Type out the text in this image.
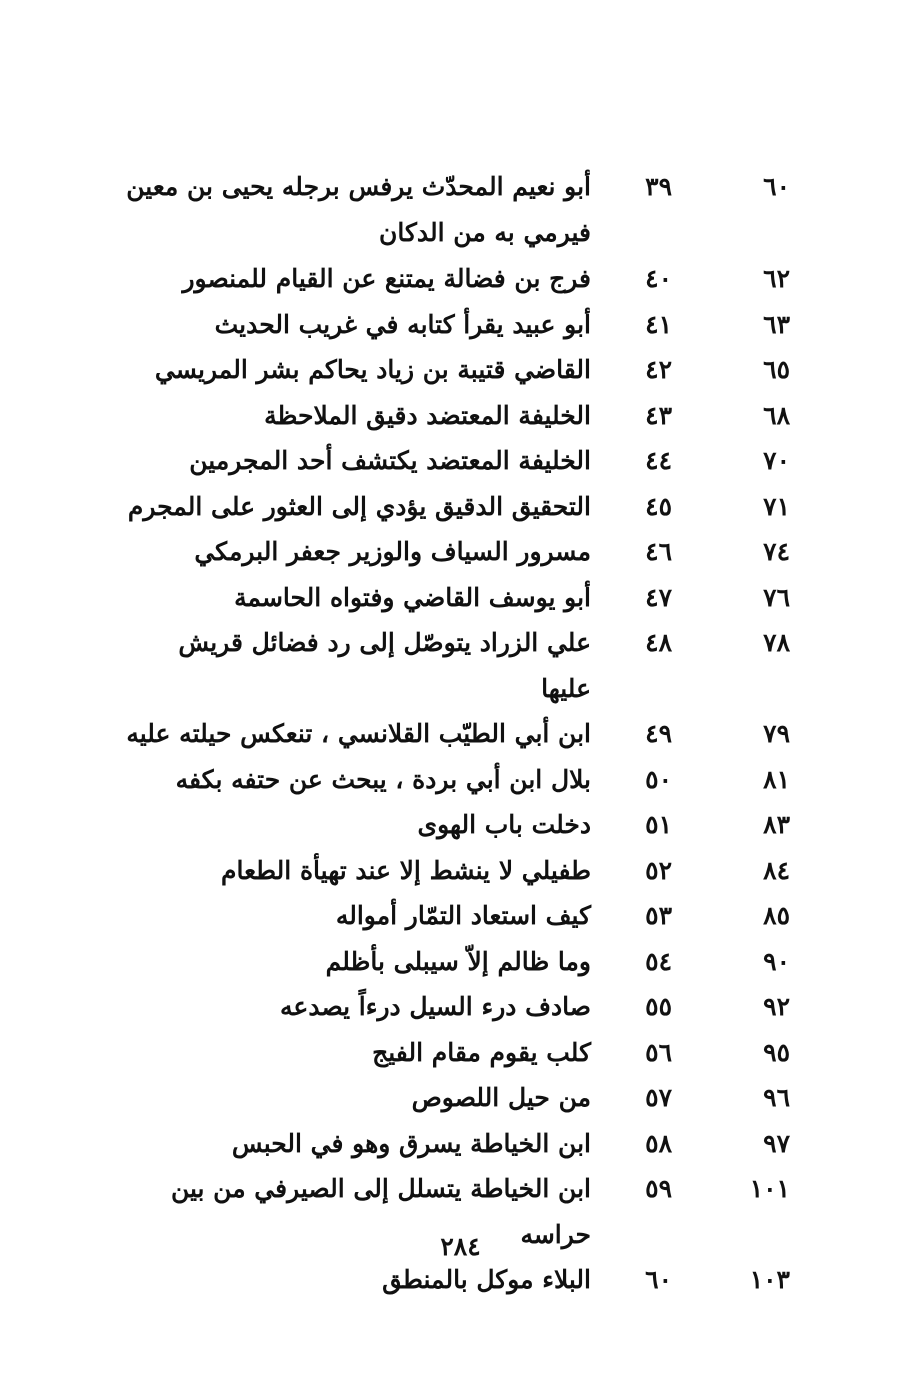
٦٠
٣٩
أبو نعيم المحدّث يرفس برجله يحيى بن معين فيرمي به من الدكان
٦٢
٤٠
فرج بن فضالة يمتنع عن القيام للمنصور
٦٣
٤١
أبو عبيد يقرأ كتابه في غريب الحديث
٦٥
٤٢
القاضي قتيبة بن زياد يحاكم بشر المريسي
٦٨
٤٣
الخليفة المعتضد دقيق الملاحظة
٧٠
٤٤
الخليفة المعتضد يكتشف أحد المجرمين
٧١
٤٥
التحقيق الدقيق يؤدي إلى العثور على المجرم
٧٤
٤٦
مسرور السياف والوزير جعفر البرمكي
٧٦
٤٧
أبو يوسف القاضي وفتواه الحاسمة
٧٨
٤٨
علي الزراد يتوصّل إلى رد فضائل قريش عليها
٧٩
٤٩
ابن أبي الطيّب القلانسي ، تنعكس حيلته عليه
٨١
٥٠
بلال ابن أبي بردة ، يبحث عن حتفه بكفه
٨٣
٥١
دخلت باب الهوى
٨٤
٥٢
طفيلي لا ينشط إلا عند تهيأة الطعام
٨٥
٥٣
كيف استعاد التمّار أمواله
٩٠
٥٤
وما ظالم إلاّ سيبلى بأظلم
٩٢
٥٥
صادف درء السيل درءاً يصدعه
٩٥
٥٦
كلب يقوم مقام الفيج
٩٦
٥٧
من حيل اللصوص
٩٧
٥٨
ابن الخياطة يسرق وهو في الحبس
١٠١
٥٩
ابن الخياطة يتسلل إلى الصيرفي من بين حراسه
١٠٣
٦٠
البلاء موكل بالمنطق
٢٨٤
